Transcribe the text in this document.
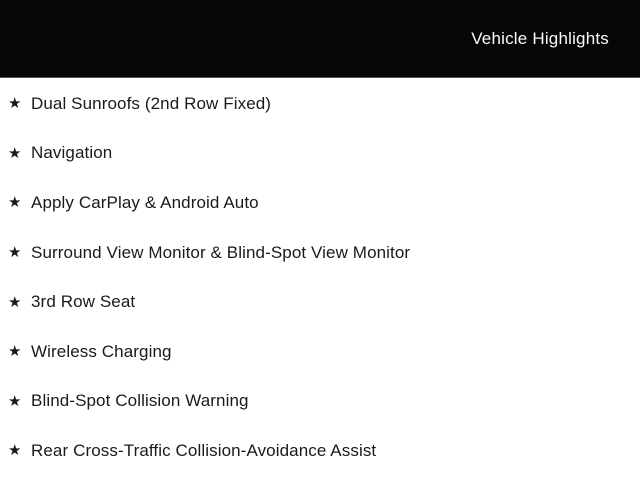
Vehicle Highlights
★ Dual Sunroofs (2nd Row Fixed)
★ Navigation
★ Apply CarPlay & Android Auto
★ Surround View Monitor & Blind-Spot View Monitor
★ 3rd Row Seat
★ Wireless Charging
★ Blind-Spot Collision Warning
★ Rear Cross-Traffic Collision-Avoidance Assist
